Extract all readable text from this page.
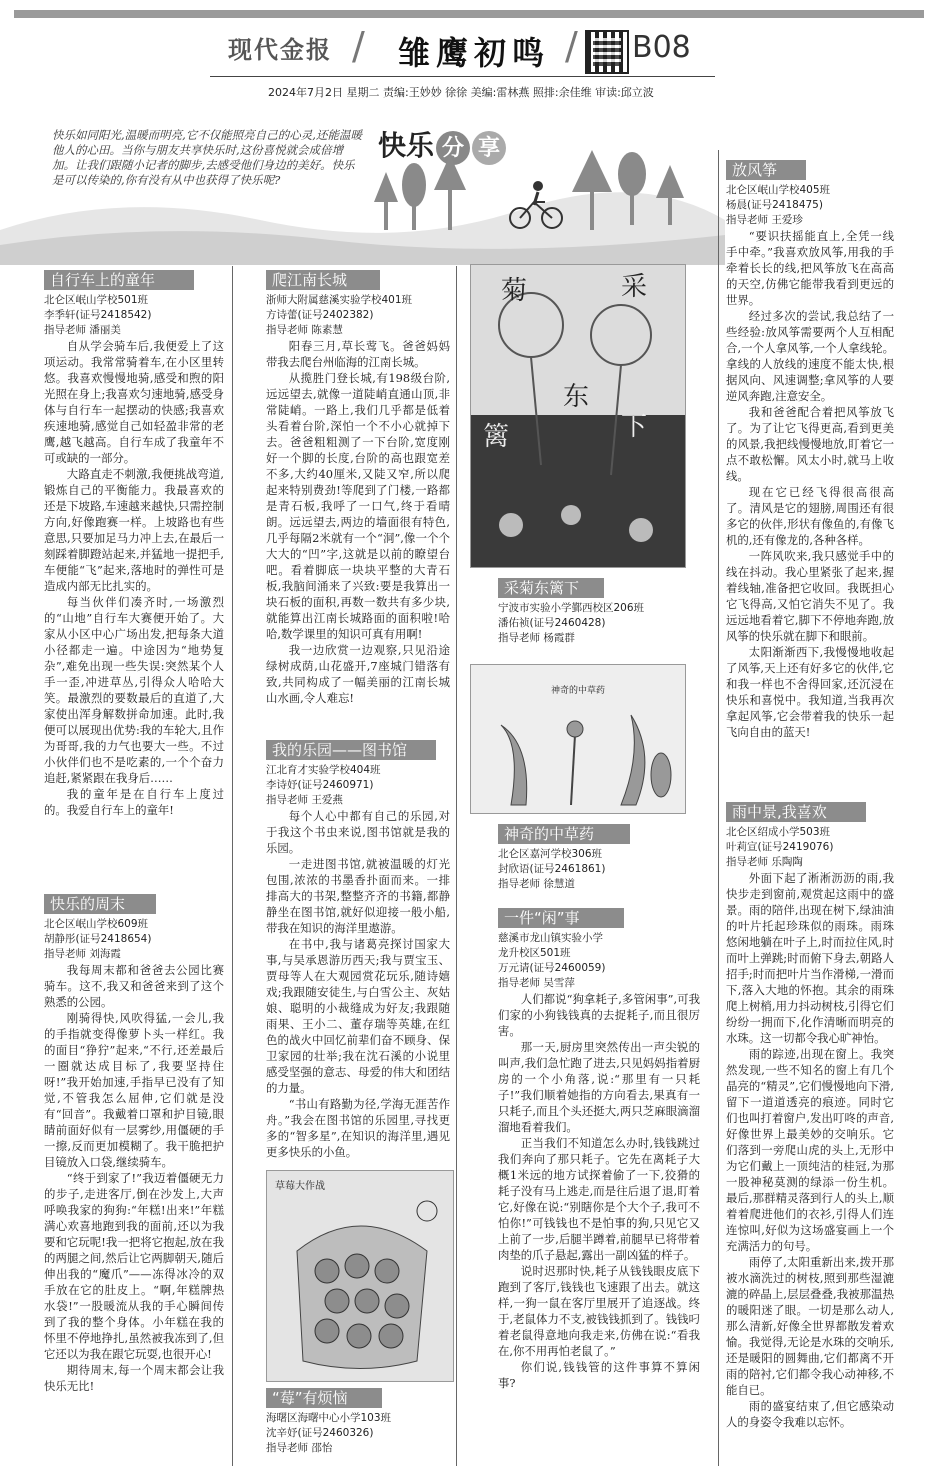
现代金报 / 雏鹰初鸣 / B08
2024年7月2日 星期二 责编:王妙妙 徐徐 美编:雷林燕 照排:余佳维 审读:邱立波
快乐如同阳光,温暖而明亮,它不仅能照亮自己的心灵,还能温暖他人的心田。当你与朋友共享快乐时,这份喜悦就会成倍增加。让我们跟随小记者的脚步,去感受他们身边的美好。快乐是可以传染的,你有没有从中也获得了快乐呢?
快乐 分 享
自行车上的童年
北仑区岷山学校501班
李季轩(证号2418542)
指导老师 潘丽美

自从学会骑车后,我便爱上了这项运动。我常常骑着车,在小区里转悠。我喜欢慢慢地骑,感受和煦的阳光照在身上;我喜欢匀速地骑,感受身体与自行车一起摆动的快感;我喜欢疾速地骑,感觉自己如轻盈非常的老鹰,越飞越高。自行车成了我童年不可或缺的一部分。

大路直走不刺激,我便挑战弯道,锻炼自己的平衡能力。我最喜欢的还是下坡路,车速越来越快,只需控制方向,好像跑赛一样。上坡路也有些意思,只要加足马力冲上去,在最后一刻踩着脚蹬站起来,并猛地一提把手,车便能“飞”起来,落地时的弹性可是造成内部无比扎实的。

每当伙伴们凑齐时,一场激烈的“山地”自行车大赛便开始了。大家从小区中心广场出发,把每条大道小径都走一遍。中途因为“地势复杂”,难免出现一些失误:突然某个人手一歪,冲进草丛,引得众人哈哈大笑。最激烈的要数最后的直道了,大家使出浑身解数拼命加速。此时,我便可以展现出优势:我的车轮大,且作为哥哥,我的力气也要大一些。不过小伙伴们也不是吃素的,一个个奋力追赶,紧紧跟在我身后……

我的童年是在自行车上度过的。我爱自行车上的童年!

快乐的周末
北仑区岷山学校609班
胡静彤(证号2418654)
指导老师 刘海霞

我每周末都和爸爸去公园比赛骑车。这不,我又和爸爸来到了这个熟悉的公园。

刚骑得快,风吹得猛,一会儿,我的手指就变得像萝卜头一样红。我的面目“狰狞”起来,“不行,还差最后一圈就达成目标了,我要坚持住呀!”我开始加速,手指早已没有了知觉,不管我怎么屈伸,它们就是没有“回音”。我戴着口罩和护目镜,眼睛前面好似有一层雾纱,用僵硬的手一擦,反而更加模糊了。我干脆把护目镜放入口袋,继续骑车。

“终于到家了!”我迈着僵硬无力的步子,走进客厅,倒在沙发上,大声呼唤我家的狗狗:“年糕!出来!”年糕满心欢喜地跑到我的面前,还以为我要和它玩呢!我一把将它抱起,放在我的两腿之间,然后让它两脚朝天,随后伸出我的“魔爪”——冻得冰冷的双手放在它的肚皮上。“啊,年糕牌热水袋!”一股暖流从我的手心瞬间传到了我的整个身体。小年糕在我的怀里不停地挣扎,虽然被我冻到了,但它还以为我在跟它玩耍,也很开心!

期待周末,每一个周末都会让我快乐无比!

爬江南长城
浙师大附属慈溪实验学校401班
方诗蕾(证号2402382)
指导老师 陈素慧

阳春三月,草长莺飞。爸爸妈妈带我去爬台州临海的江南长城。

从揽胜门登长城,有198级台阶,远远望去,就像一道陡峭直通山顶,非常陡峭。一路上,我们几乎都是低着头看着台阶,深怕一个不小心就掉下去。爸爸粗粗测了一下台阶,宽度刚好一个脚的长度,台阶的高也跟宽差不多,大约40厘米,又陡又窄,所以爬起来特别费劲!等爬到了门楼,一路都是青石板,我呼了一口气,终于看晴朗。远远望去,两边的墙面很有特色,几乎每隔2米就有一个“洞”,像一个个大大的“凹”字,这就是以前的瞭望台吧。看着脚底一块块平整的大青石板,我脑间涌来了兴致:要是我算出一块石板的面积,再数一数共有多少块,就能算出江南长城路面的面积啦!哈哈,数学课里的知识可真有用啊!

我一边欣赏一边观察,只见沿途绿树成荫,山花盛开,7座城门错落有致,共同构成了一幅美丽的江南长城山水画,令人难忘!

我的乐园——图书馆
江北育才实验学校404班
李诗妤(证号2460971)
指导老师 王爱燕

每个人心中都有自己的乐园,对于我这个书虫来说,图书馆就是我的乐园。

一走进图书馆,就被温暖的灯光包围,浓浓的书墨香扑面而来。一排排高大的书架,整整齐齐的书籍,都静静坐在图书馆,就好似迎接一般小船,带我在知识的海洋里遨游。

在书中,我与诸葛亮探讨国家大事,与吴承恩游历西天;我与贾宝玉、贾母等人在大观园赏花玩乐,随诗嬉戏;我跟随安徒生,与白雪公主、灰姑娘、聪明的小裁缝成为好友;我跟随雨果、王小二、董存瑞等英雄,在红色的战火中回忆前辈们奋不顾身、保卫家园的壮举;我在沈石溪的小说里感受坚强的意志、母爱的伟大和团结的力量。

“书山有路勤为径,学海无涯苦作舟。”我会在图书馆的乐园里,寻找更多的“智多星”,在知识的海洋里,遇见更多快乐的小鱼。

草莓大作战
“莓”有烦恼
海曙区海曙中心小学103班
沈辛妤(证号2460326)
指导老师 邵怡
菊	采
东
篱	下
采菊东篱下
宁波市实验小学鄞西校区206班
潘佑祯(证号2460428)
指导老师 杨霞群
神奇的中草药
神奇的中草药
北仑区嘉河学校306班
封欣语(证号2461861)
指导老师 徐慧道
一件“闲”事
慈溪市龙山镇实验小学
龙升校区501班
万元请(证号2460059)
指导老师 吴雪萍

人们都说“狗拿耗子,多管闲事”,可我们家的小狗钱钱真的去捉耗子,而且很厉害。

那一天,厨房里突然传出一声尖锐的叫声,我们急忙跑了进去,只见妈妈指着厨房的一个小角落,说:“那里有一只耗子!”我们顺着她指的方向看去,果真有一只耗子,而且个头还挺大,两只芝麻眼滴溜溜地看着我们。

正当我们不知道怎么办时,钱钱跳过我们奔向了那只耗子。它先在离耗子大概1米远的地方试探着偷了一下,狡猾的耗子没有马上逃走,而是往后退了退,盯着它,好像在说:“别瞎你是个大个子,我可不怕你!”可钱钱也不是怕事的狗,只见它又上前了一步,后腿半蹲着,前腿早已将带着肉垫的爪子悬起,露出一副凶猛的样子。

说时迟那时快,耗子从钱钱眼皮底下跑到了客厅,钱钱也飞速跟了出去。就这样,一狗一鼠在客厅里展开了追逐战。终于,老鼠体力不支,被钱钱抓到了。钱钱叼着老鼠得意地向我走来,仿佛在说:“看我在,你不用再怕老鼠了。”

你们说,钱钱管的这件事算不算闲事?

放风筝
北仑区岷山学校405班
杨晨(证号2418475)
指导老师 王爱珍

“要识扶摇能直上,全凭一线手中牵。”我喜欢放风筝,用我的手牵着长长的线,把风筝放飞在高高的天空,仿佛它能带我看到更远的世界。

经过多次的尝试,我总结了一些经验:放风筝需要两个人互相配合,一个人拿风筝,一个人拿线轮。拿线的人放线的速度不能太快,根据风向、风速调整;拿风筝的人要逆风奔跑,注意安全。

我和爸爸配合着把风筝放飞了。为了让它飞得更高,看到更美的风景,我把线慢慢地放,盯着它一点不敢松懈。风太小时,就马上收线。

现在它已经飞得很高很高了。清风是它的翅膀,周围还有很多它的伙伴,形状有像鱼的,有像飞机的,还有像龙的,各种各样。

一阵风吹来,我只感觉手中的线在抖动。我心里紧张了起来,握着线轴,准备把它收回。我既担心它飞得高,又怕它消失不见了。我远远地看着它,脚下不停地奔跑,放风筝的快乐就在脚下和眼前。

太阳渐渐西下,我慢慢地收起了风筝,天上还有好多它的伙伴,它和我一样也不舍得回家,还沉浸在快乐和喜悦中。我知道,当我再次拿起风筝,它会带着我的快乐一起飞向自由的蓝天!

雨中景,我喜欢
北仑区绍成小学503班
叶莉宣(证号2419076)
指导老师 乐陶陶

外面下起了淅淅沥沥的雨,我快步走到窗前,观赏起这雨中的盛景。雨的陪伴,出现在树下,绿油油的叶片托起珍珠似的雨珠。雨珠悠闲地躺在叶子上,时而拉住风,时而叶上弹跳;时而俯下身去,朝路人招手;时而把叶片当作滑梯,一滑而下,落入大地的怀抱。其余的雨珠爬上树梢,用力抖动树枝,引得它们纷纷一拥而下,化作清晰而明亮的水珠。这一切都令我心旷神怡。

雨的踪迹,出现在窗上。我突然发现,一些不知名的窗上有几个晶亮的“精灵”,它们慢慢地向下滑,留下一道道透亮的痕迹。同时它们也叫打着窗户,发出叮咚的声音,好像世界上最美妙的交响乐。它们落到一旁爬山虎的头上,无形中为它们戴上一顶纯洁的桂冠,为那一股神秘莫测的绿添一份生机。最后,那群精灵落到行人的头上,顺着着爬进他们的衣衫,引得人们连连惊叫,好似为这场盛宴画上一个充满活力的句号。

雨停了,太阳重新出来,拨开那被水滴洗过的树枝,照到那些湿漉漉的碎晶上,层层叠叠,我被那温热的暖阳迷了眼。一切是那么动人,那么清新,好像全世界都散发着欢愉。我觉得,无论是水珠的交响乐,还是暖阳的圆舞曲,它们都离不开雨的陪衬,它们都令我心动神移,不能自已。

雨的盛宴结束了,但它感染动人的身姿令我难以忘怀。
